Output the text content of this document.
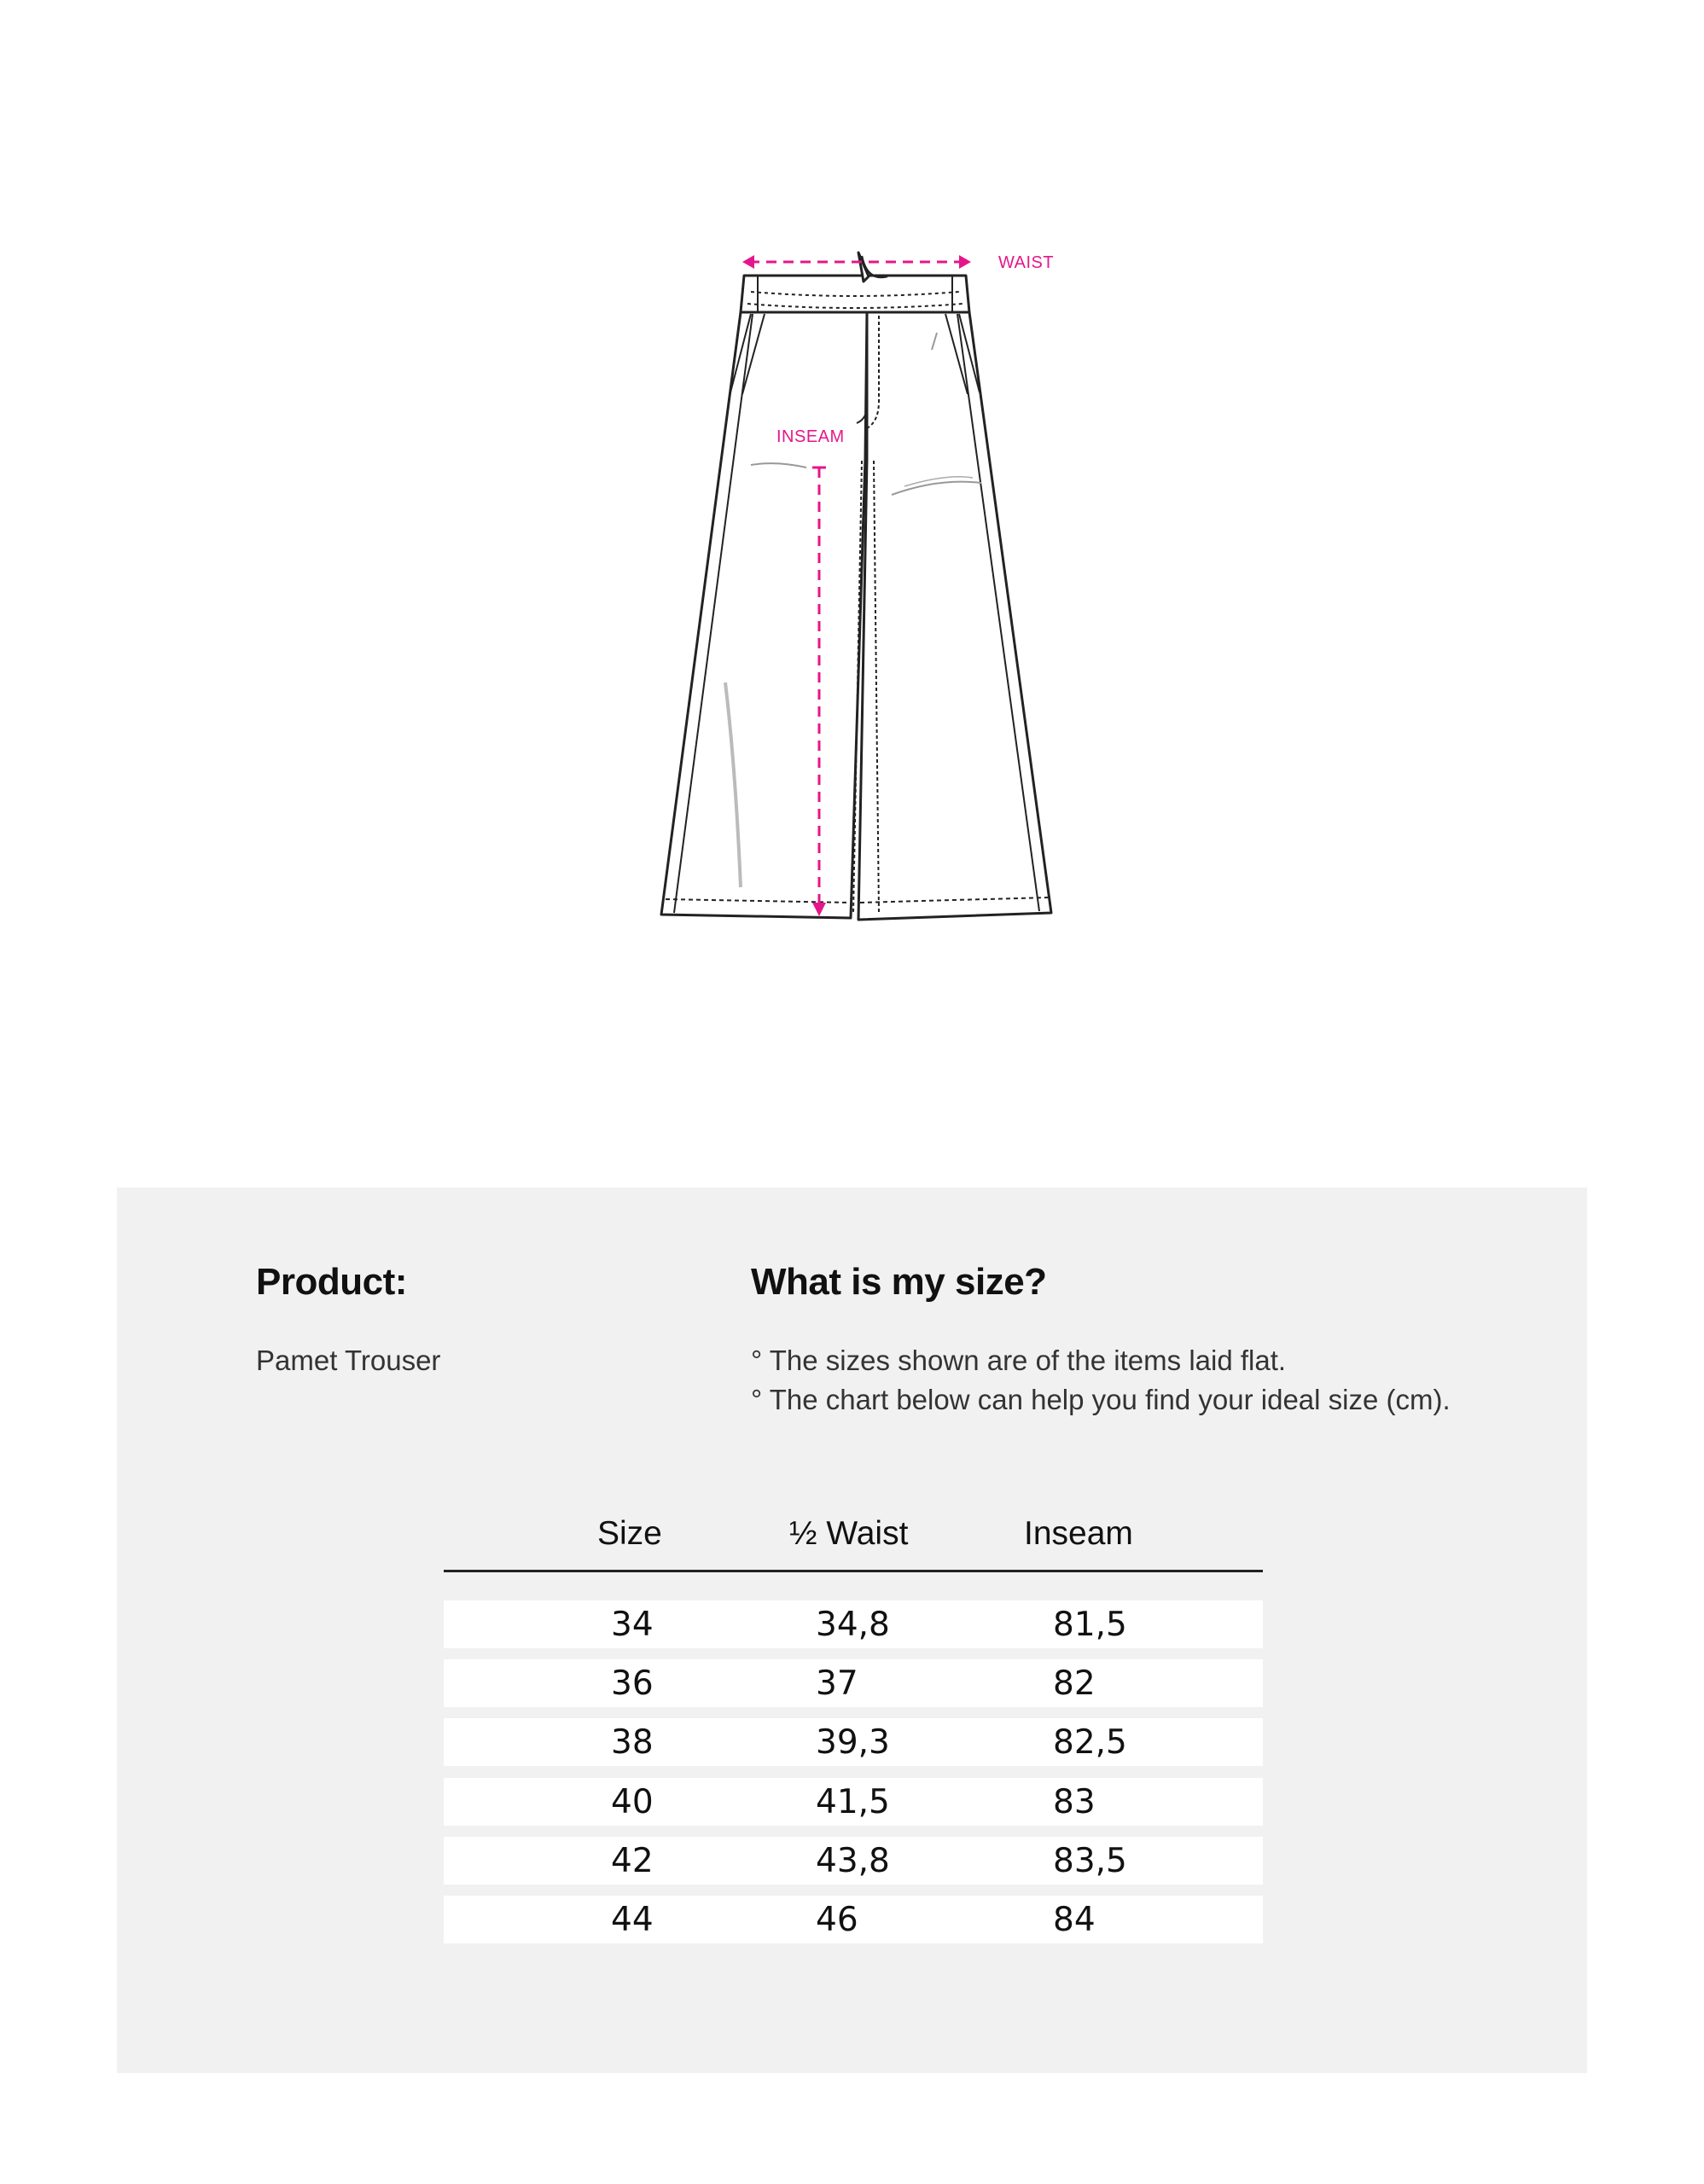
WAIST
INSEAM
Product:
Pamet Trouser
What is my size?
° The sizes shown are of the items laid flat.
° The chart below can help you find your ideal size (cm).
Size	½ Waist	Inseam
34	34,8	81,5
36	37	82
38	39,3	82,5
40	41,5	83
42	43,8	83,5
44	46	84
